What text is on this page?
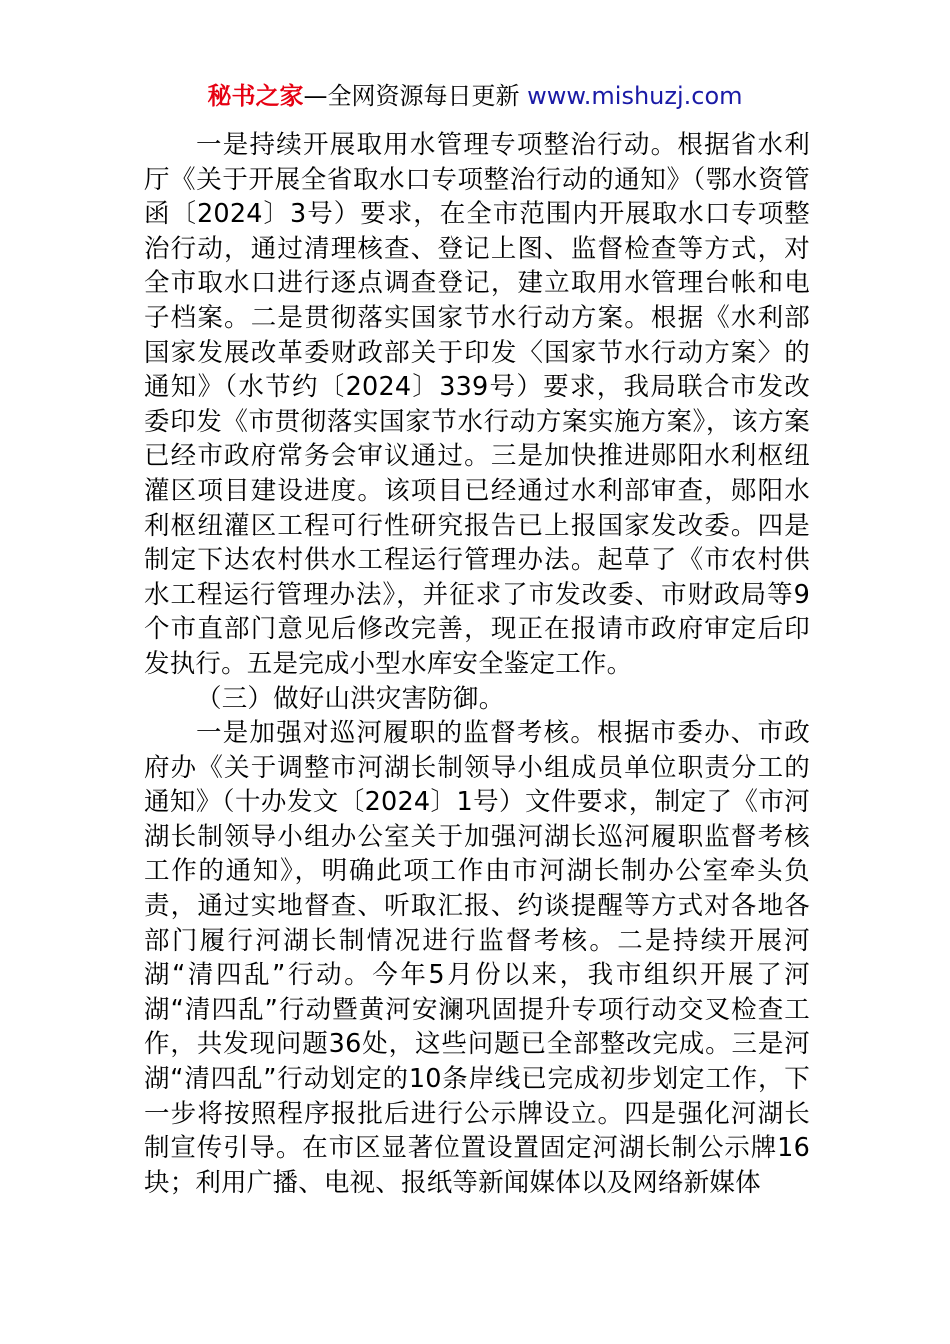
秘书之家—全网资源每日更新 www.mishuzj.com

一是持续开展取用水管理专项整治行动。根据省水利厅《关于开展全省取水口专项整治行动的通知》（鄂水资管函〔2024〕3号）要求，在全市范围内开展取水口专项整治行动，通过清理核查、登记上图、监督检查等方式，对全市取水口进行逐点调查登记，建立取用水管理台帐和电子档案。二是贯彻落实国家节水行动方案。根据《水利部国家发展改革委财政部关于印发〈国家节水行动方案〉的通知》（水节约〔2024〕339号）要求，我局联合市发改委印发《市贯彻落实国家节水行动方案实施方案》，该方案已经市政府常务会审议通过。三是加快推进郧阳水利枢纽灌区项目建设进度。该项目已经通过水利部审查，郧阳水利枢纽灌区工程可行性研究报告已上报国家发改委。四是制定下达农村供水工程运行管理办法。起草了《市农村供水工程运行管理办法》，并征求了市发改委、市财政局等9个市直部门意见后修改完善，现正在报请市政府审定后印发执行。五是完成小型水库安全鉴定工作。

（三）做好山洪灾害防御。

一是加强对巡河履职的监督考核。根据市委办、市政府办《关于调整市河湖长制领导小组成员单位职责分工的通知》（十办发文〔2024〕1号）文件要求，制定了《市河湖长制领导小组办公室关于加强河湖长巡河履职监督考核工作的通知》，明确此项工作由市河湖长制办公室牵头负责，通过实地督查、听取汇报、约谈提醒等方式对各地各部门履行河湖长制情况进行监督考核。二是持续开展河湖“清四乱”行动。今年5月份以来，我市组织开展了河湖“清四乱”行动暨黄河安澜巩固提升专项行动交叉检查工作，共发现问题36处，这些问题已全部整改完成。三是河湖“清四乱”行动划定的10条岸线已完成初步划定工作，下一步将按照程序报批后进行公示牌设立。四是强化河湖长制宣传引导。在市区显著位置设置固定河湖长制公示牌16块；利用广播、电视、报纸等新闻媒体以及网络新媒体
